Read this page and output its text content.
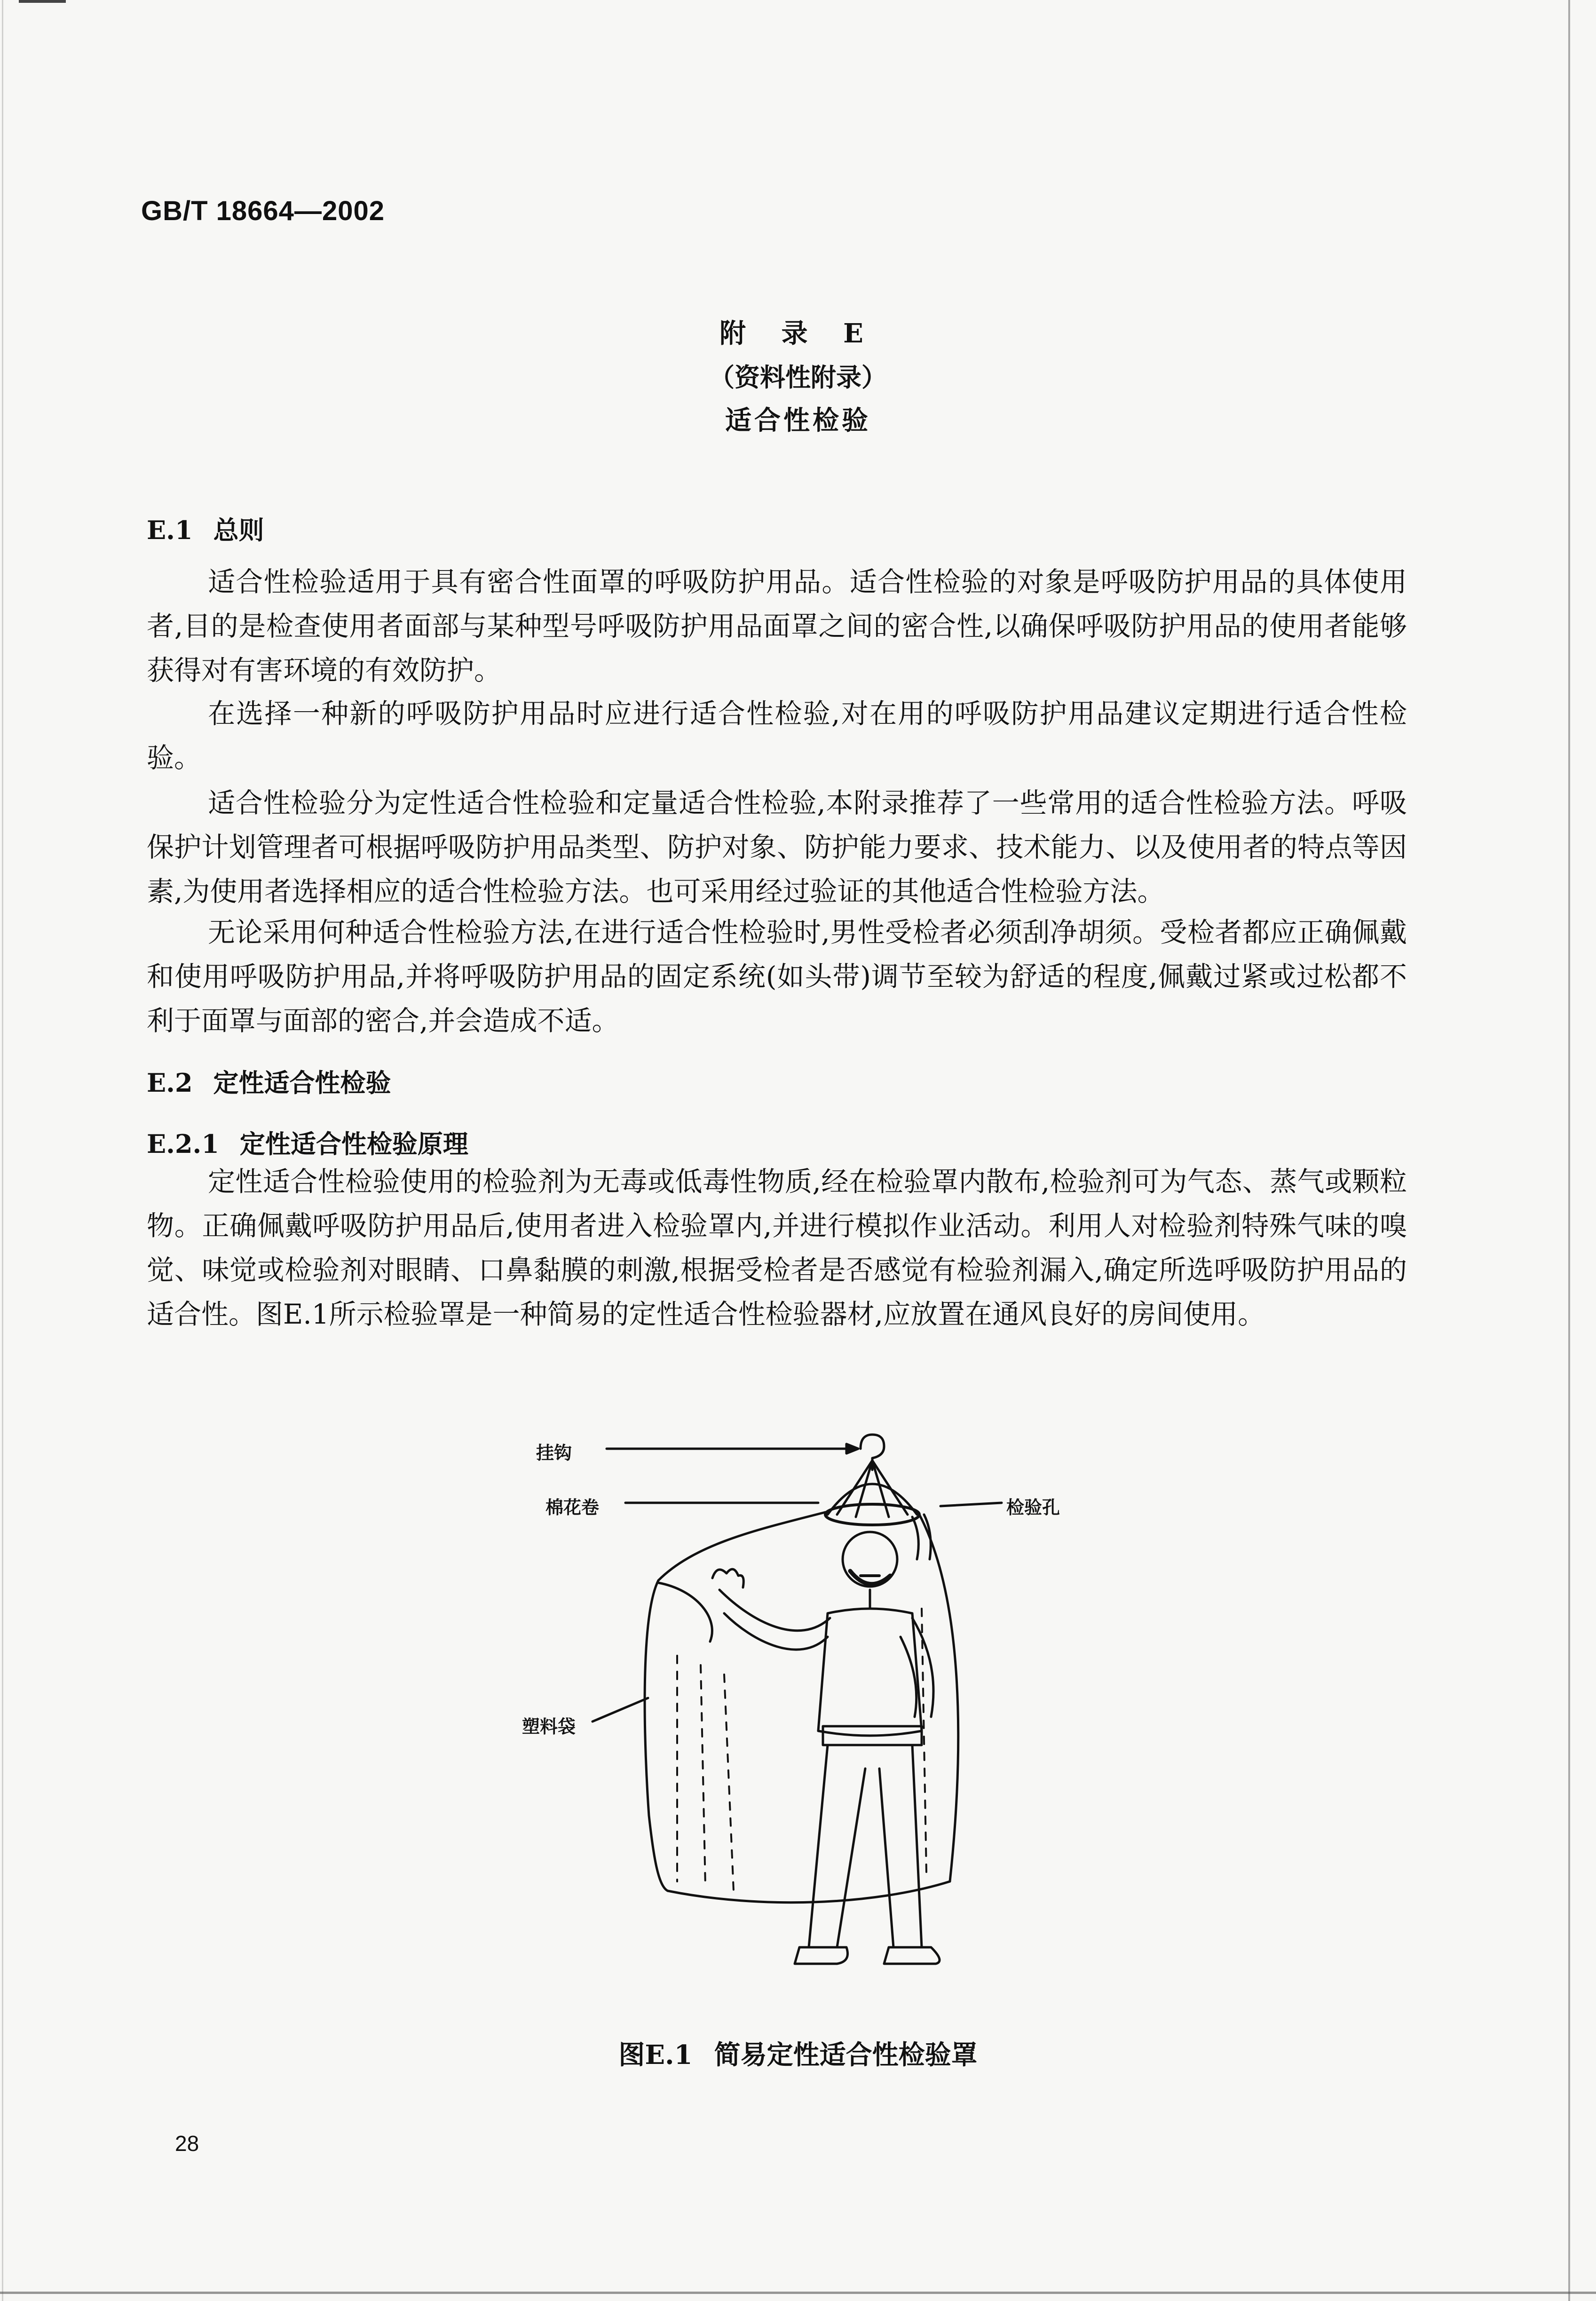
GB/T 18664—2002
附 录 E
（资料性附录）
适合性检验
E.1 总则
适合性检验适用于具有密合性面罩的呼吸防护用品。适合性检验的对象是呼吸防护用品的具体使用者,目的是检查使用者面部与某种型号呼吸防护用品面罩之间的密合性,以确保呼吸防护用品的使用者能够获得对有害环境的有效防护。
在选择一种新的呼吸防护用品时应进行适合性检验,对在用的呼吸防护用品建议定期进行适合性检验。
适合性检验分为定性适合性检验和定量适合性检验,本附录推荐了一些常用的适合性检验方法。呼吸保护计划管理者可根据呼吸防护用品类型、防护对象、防护能力要求、技术能力、以及使用者的特点等因素,为使用者选择相应的适合性检验方法。也可采用经过验证的其他适合性检验方法。
无论采用何种适合性检验方法,在进行适合性检验时,男性受检者必须刮净胡须。受检者都应正确佩戴和使用呼吸防护用品,并将呼吸防护用品的固定系统(如头带)调节至较为舒适的程度,佩戴过紧或过松都不利于面罩与面部的密合,并会造成不适。
E.2 定性适合性检验
E.2.1 定性适合性检验原理
定性适合性检验使用的检验剂为无毒或低毒性物质,经在检验罩内散布,检验剂可为气态、蒸气或颗粒物。正确佩戴呼吸防护用品后,使用者进入检验罩内,并进行模拟作业活动。利用人对检验剂特殊气味的嗅觉、味觉或检验剂对眼睛、口鼻黏膜的刺激,根据受检者是否感觉有检验剂漏入,确定所选呼吸防护用品的适合性。图E.1所示检验罩是一种简易的定性适合性检验器材,应放置在通风良好的房间使用。
挂钩
棉花卷	检验孔
塑料袋
图E.1 简易定性适合性检验罩
28
